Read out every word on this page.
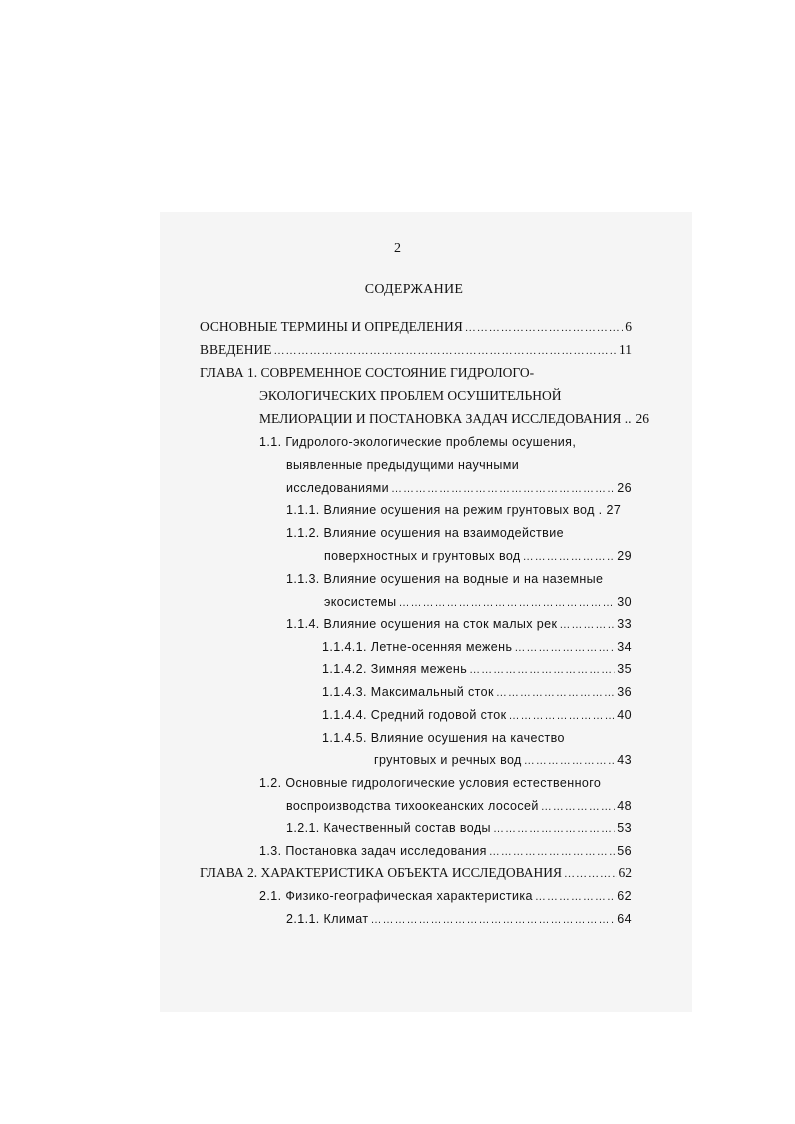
2
СОДЕРЖАНИЕ
ОСНОВНЫЕ ТЕРМИНЫ И ОПРЕДЕЛЕНИЯ ……………………………………………………………………………………………………………………………………………………………………………………………………	6
ВВЕДЕНИЕ ……………………………………………………………………………………………………………………………………………………………………………………………………	11
ГЛАВА 1. СОВРЕМЕННОЕ СОСТОЯНИЕ ГИДРОЛОГО-
ЭКОЛОГИЧЕСКИХ ПРОБЛЕМ ОСУШИТЕЛЬНОЙ
МЕЛИОРАЦИИ И ПОСТАНОВКА ЗАДАЧ ИССЛЕДОВАНИЯ .. 26
1.1. Гидролого-экологические проблемы осушения,
выявленные предыдущими научными
исследованиями ……………………………………………………………………………………………………………………………………………………………………………………………………	26
1.1.1. Влияние осушения на режим грунтовых вод . 27
1.1.2. Влияние осушения на взаимодействие
поверхностных и грунтовых вод ……………………………………………………………………………………………………………………………………………………………………………………………………	29
1.1.3. Влияние осушения на водные и на наземные
экосистемы ……………………………………………………………………………………………………………………………………………………………………………………………………	30
1.1.4. Влияние осушения на сток малых рек ……………………………………………………………………………………………………………………………………………………………………………………………………	33
1.1.4.1. Летне-осенняя межень ……………………………………………………………………………………………………………………………………………………………………………………………………	34
1.1.4.2. Зимняя межень ……………………………………………………………………………………………………………………………………………………………………………………………………	35
1.1.4.3. Максимальный сток ……………………………………………………………………………………………………………………………………………………………………………………………………	36
1.1.4.4. Средний годовой сток ……………………………………………………………………………………………………………………………………………………………………………………………………	40
1.1.4.5. Влияние осушения на качество
грунтовых и речных вод ……………………………………………………………………………………………………………………………………………………………………………………………………	43
1.2. Основные гидрологические условия естественного
воспроизводства тихоокеанских лососей ……………………………………………………………………………………………………………………………………………………………………………………………………	48
1.2.1. Качественный состав воды ……………………………………………………………………………………………………………………………………………………………………………………………………	53
1.3. Постановка задач исследования ……………………………………………………………………………………………………………………………………………………………………………………………………	56
ГЛАВА 2. ХАРАКТЕРИСТИКА ОБЪЕКТА ИССЛЕДОВАНИЯ ……………………………………………………………………………………………………………………………………………………………………………………………………	62
2.1. Физико-географическая характеристика ……………………………………………………………………………………………………………………………………………………………………………………………………	62
2.1.1. Климат ……………………………………………………………………………………………………………………………………………………………………………………………………	64
